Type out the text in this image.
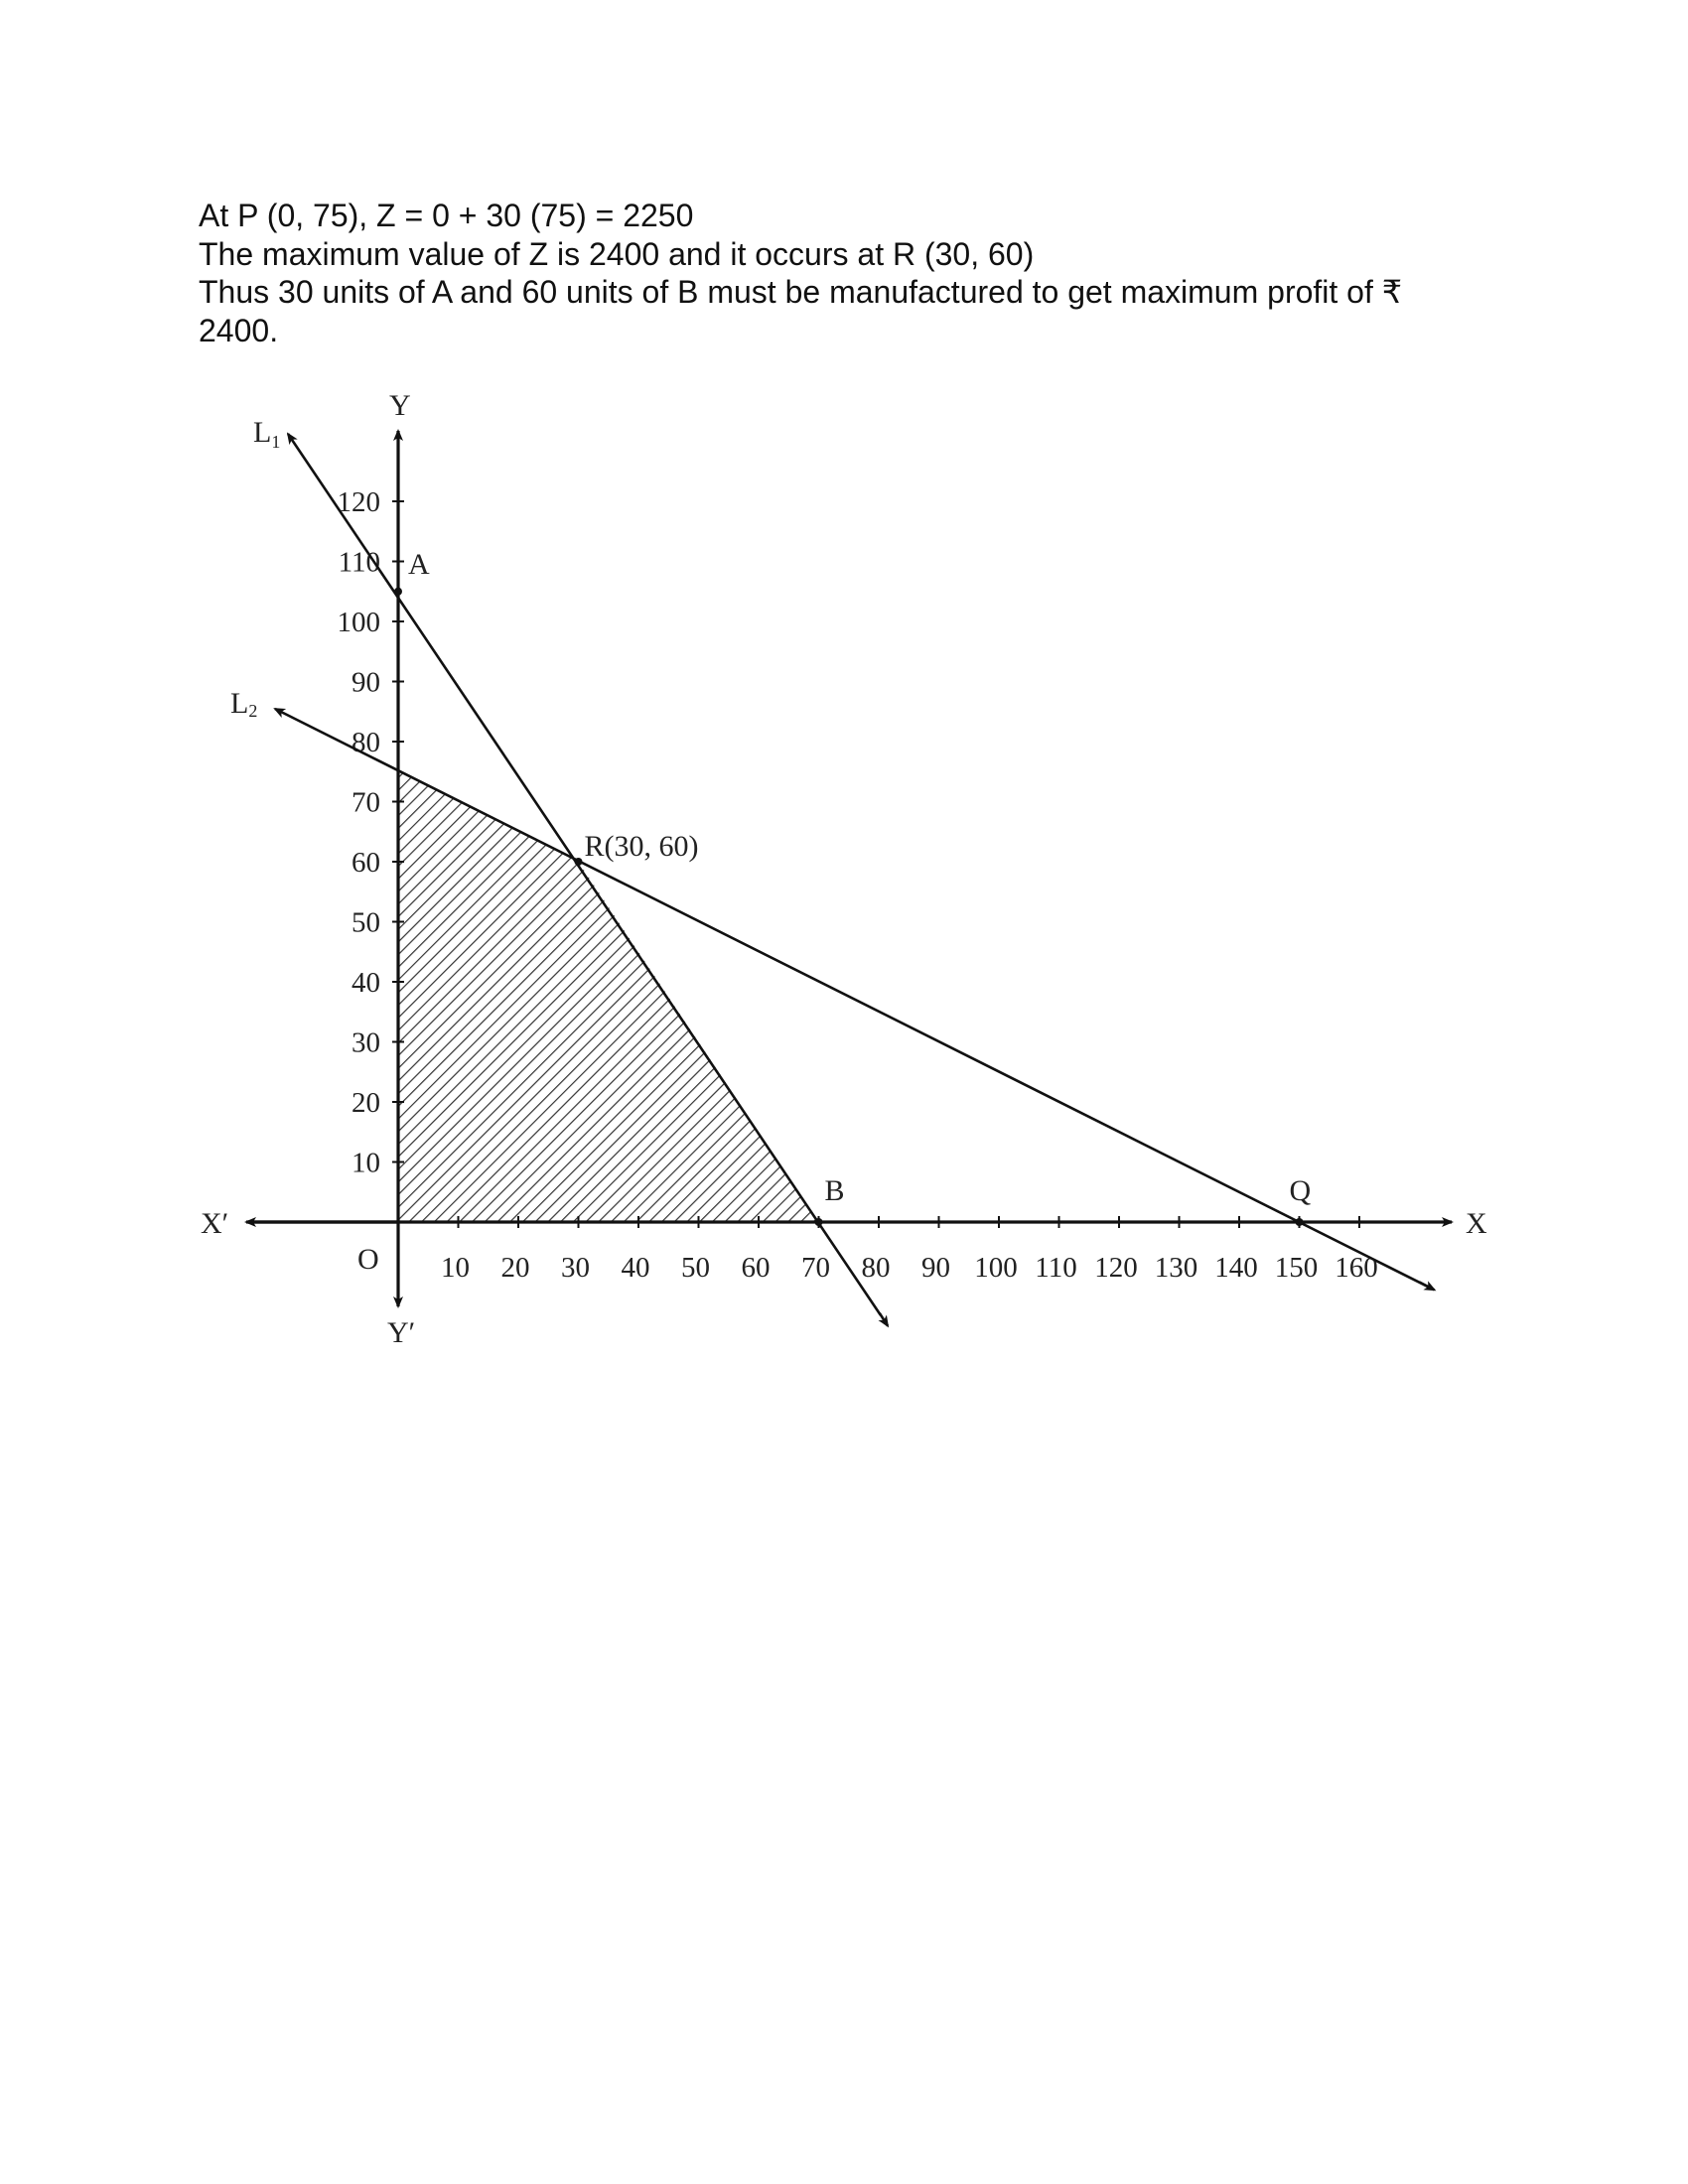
At P (0, 75), Z = 0 + 30 (75) = 2250

The maximum value of Z is 2400 and it occurs at R (30, 60)

Thus 30 units of A and 60 units of B must be manufactured to get maximum profit of ₹

2400.

10 20 30 40 50 60 70 80 90 100 110 120 130 140 150 160
10
20
30
40
50
60
70
80
90
100
110
120
$L_1$
L2
Y
X
X′
Y′
O
A
R(30, 60)
B	Q
